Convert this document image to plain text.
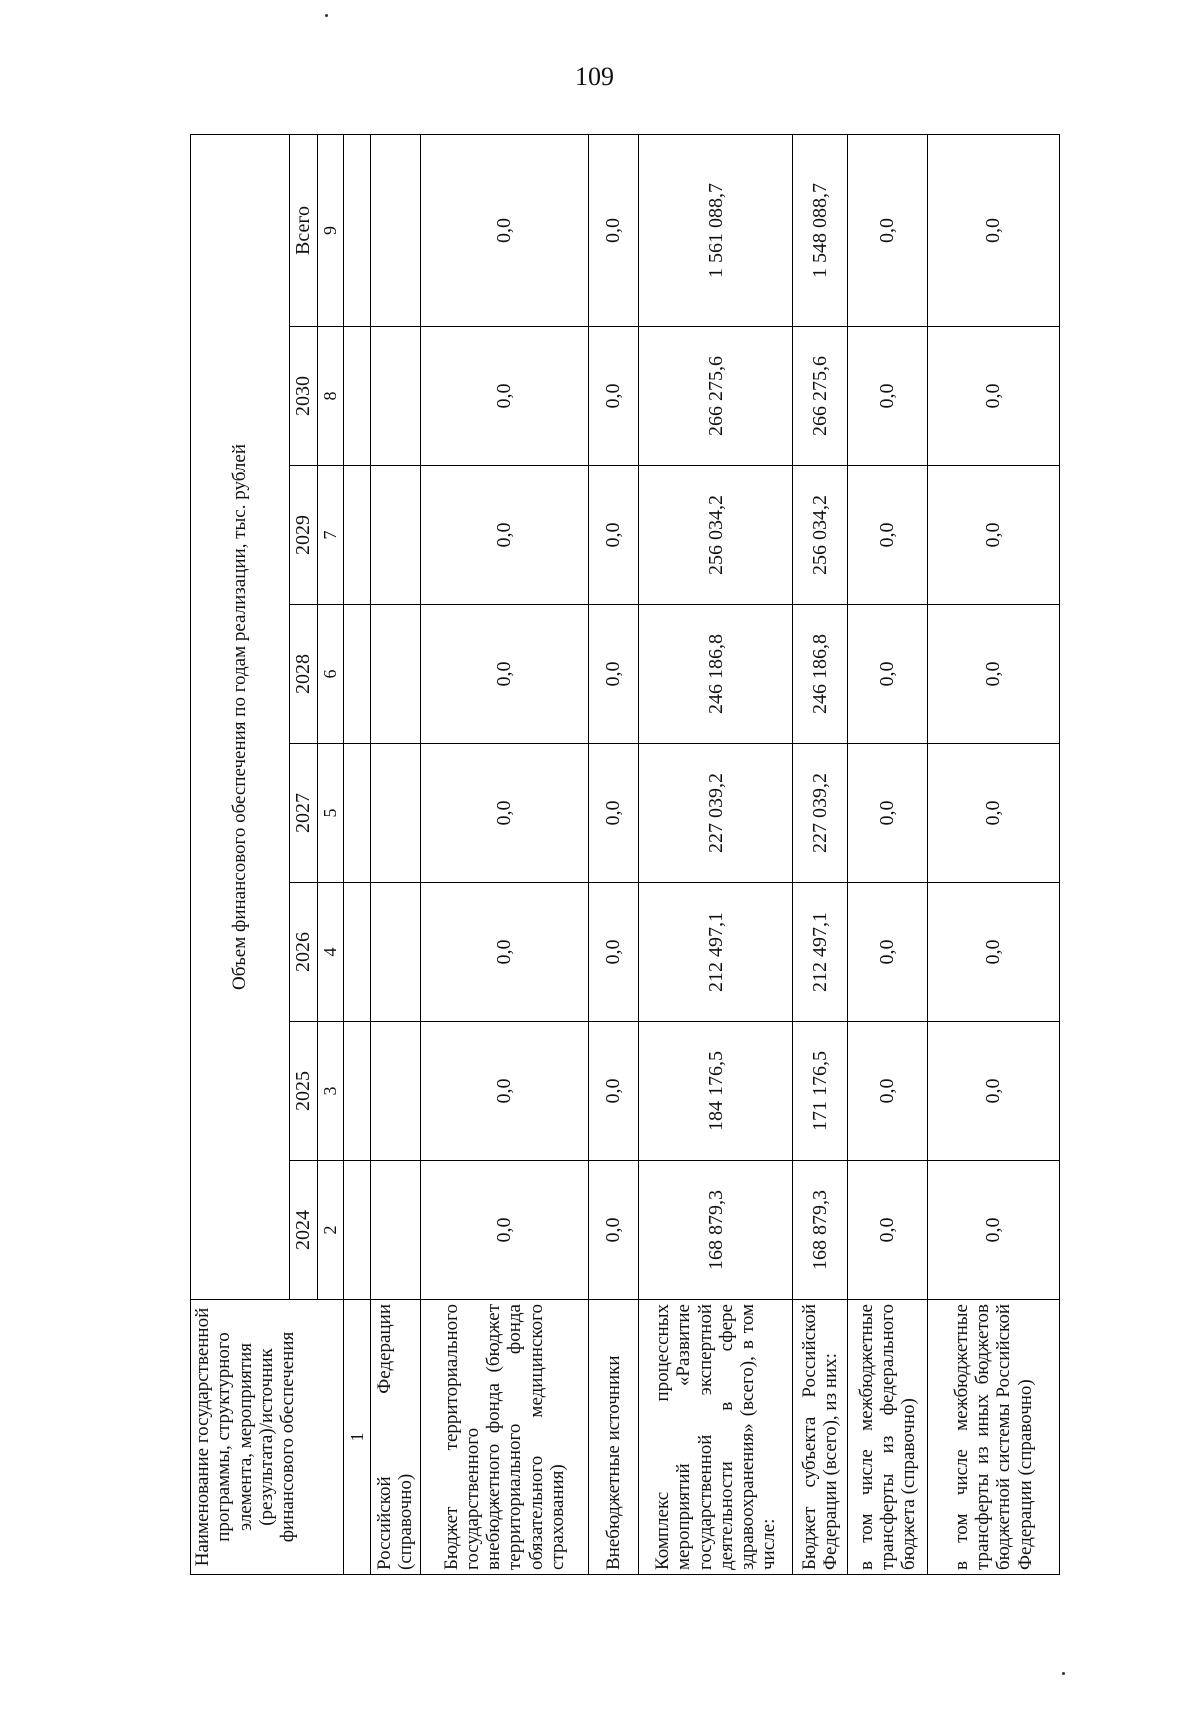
109
Наименование государственной программы, структурного элемента, мероприятия (результата)/источник финансового обеспечения	Объем финансового обеспечения по годам реализации, тыс. рублей							
	2024	2025	2026	2027	2028	2029	2030	Всего
	2	3	4	5	6	7	8	9
1								
Российской Федерации (справочно)								
Бюджет территориального государственного внебюджетного фонда (бюджет территориального фонда обязательного медицинского страхования)	0,0	0,0	0,0	0,0	0,0	0,0	0,0	0,0
Внебюджетные источники	0,0	0,0	0,0	0,0	0,0	0,0	0,0	0,0
Комплекс процессных мероприятий «Развитие государственной экспертной деятельности в сфере здравоохранения» (всего), в том числе:	168 879,3	184 176,5	212 497,1	227 039,2	246 186,8	256 034,2	266 275,6	1 561 088,7
Бюджет субъекта Российской Федерации (всего), из них:	168 879,3	171 176,5	212 497,1	227 039,2	246 186,8	256 034,2	266 275,6	1 548 088,7
в том числе межбюджетные трансферты из федерального бюджета (справочно)	0,0	0,0	0,0	0,0	0,0	0,0	0,0	0,0
в том числе межбюджетные трансферты из иных бюджетов бюджетной системы Российской Федерации (справочно)	0,0	0,0	0,0	0,0	0,0	0,0	0,0	0,0
